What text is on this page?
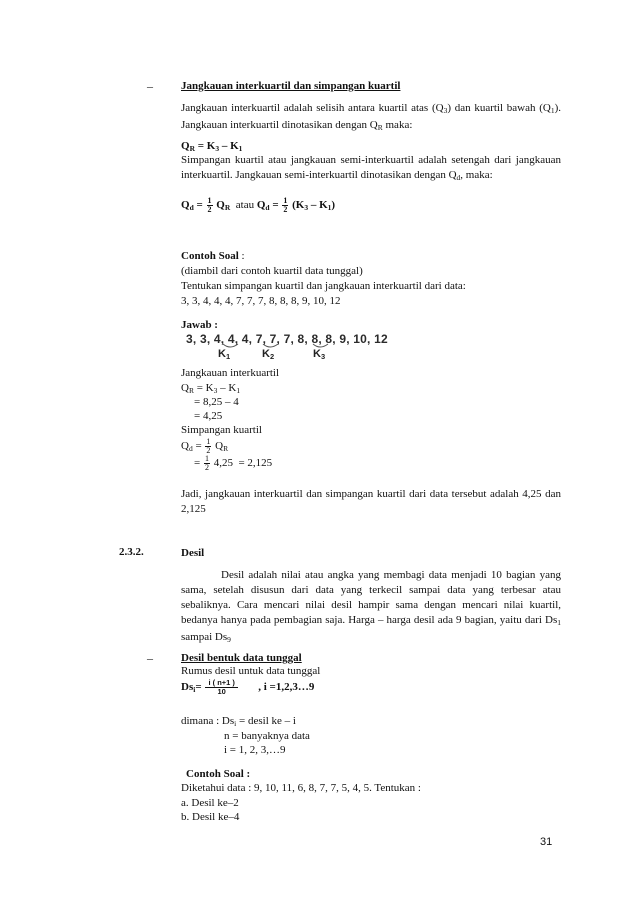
–	Jangkauan interkuartil dan simpangan kuartil
Jangkauan interkuartil adalah selisih antara kuartil atas $(Q_3)$ dan kuartil bawah $(Q_1)$. Jangkauan interkuartil dinotasikan dengan $Q_R$ maka:
$Q_R = K_3 - K_1$
Simpangan kuartil atau jangkauan semi-interkuartil adalah setengah dari jangkauan interkuartil. Jangkauan semi-interkuartil dinotasikan dengan $Q_d$, maka:
$Q_d = \frac{1}{2} Q_R$ atau $Q_d = \frac{1}{2} (K_3 - K_1)$
Contoh Soal :
(diambil dari contoh kuartil data tunggal)
Tentukan simpangan kuartil dan jangkauan interkuartil dari data:
3, 3, 4, 4, 4, 7, 7, 7, 8, 8, 8, 9, 10, 12
Jawab :
3, 3, 4, 4, 4, 7, 7, 7, 8, 8, 8, 9, 10, 12
$K_1$	$K_2$	$K_3$
Jangkauan interkuartil
$Q_R = K_3 - K_1$
= 8,25 – 4
= 4,25
Simpangan kuartil
$Q_d = \frac{1}{2} Q_R$
= $\frac{1}{2} 4,25 = 2,125$
Jadi, jangkauan interkuartil dan simpangan kuartil dari data tersebut adalah 4,25 dan 2,125
2.3.2.	Desil
Desil adalah nilai atau angka yang membagi data menjadi 10 bagian yang sama, setelah disusun dari data yang terkecil sampai data yang terbesar atau sebaliknya. Cara mencari nilai desil hampir sama dengan mencari nilai kuartil, bedanya hanya pada pembagian saja. Harga – harga desil ada 9 bagian, yaitu dari $Ds_1$ sampai $Ds_9$
–	Desil bentuk data tunggal
Rumus desil untuk data tunggal
$Ds_i= \frac{i ( n+1 )}{10}$ , i =1,2,3…9
dimana : $Ds_i$ = desil ke – i
n = banyaknya data
i = 1, 2, 3,…9
Contoh Soal :
Diketahui data : 9, 10, 11, 6, 8, 7, 7, 5, 4, 5. Tentukan :
a. Desil ke–2
b. Desil ke–4
31
